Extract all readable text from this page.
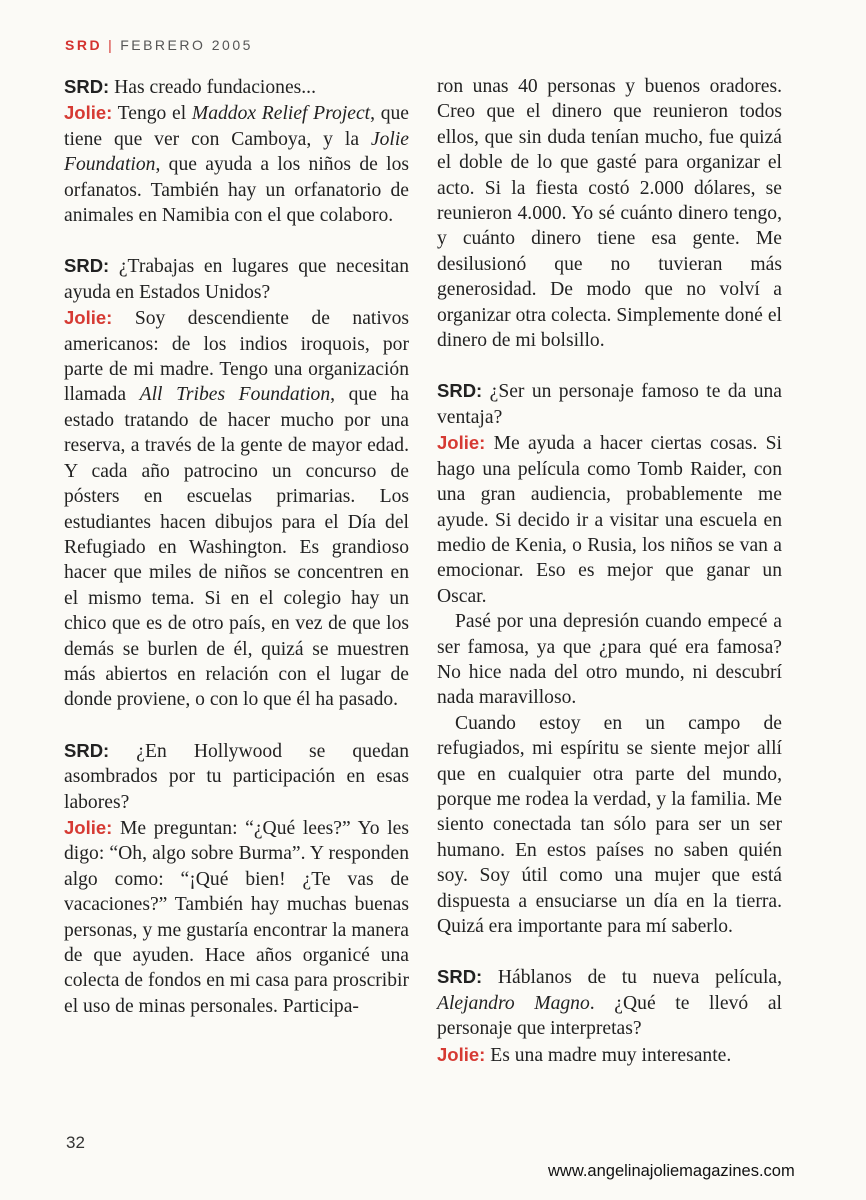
SRD | FEBRERO 2005

SRD: Has creado fundaciones...

Jolie: Tengo el Maddox Relief Project, que tiene que ver con Camboya, y la Jolie Foundation, que ayuda a los niños de los orfanatos. También hay un orfanatorio de animales en Namibia con el que colaboro.

SRD: ¿Trabajas en lugares que necesitan ayuda en Estados Unidos?

Jolie: Soy descendiente de nativos americanos: de los indios iroquois, por parte de mi madre. Tengo una organización llamada All Tribes Foundation, que ha estado tratando de hacer mucho por una reserva, a través de la gente de mayor edad. Y cada año patrocino un concurso de pósters en escuelas primarias. Los estudiantes hacen dibujos para el Día del Refugiado en Washington. Es grandioso hacer que miles de niños se concentren en el mismo tema. Si en el colegio hay un chico que es de otro país, en vez de que los demás se burlen de él, quizá se muestren más abiertos en relación con el lugar de donde proviene, o con lo que él ha pasado.

SRD: ¿En Hollywood se quedan asombrados por tu participación en esas labores?

Jolie: Me preguntan: “¿Qué lees?” Yo les digo: “Oh, algo sobre Burma”. Y responden algo como: “¡Qué bien! ¿Te vas de vacaciones?” También hay muchas buenas personas, y me gustaría encontrar la manera de que ayuden. Hace años organicé una colecta de fondos en mi casa para proscribir el uso de minas personales. Participa-

ron unas 40 personas y buenos oradores. Creo que el dinero que reunieron todos ellos, que sin duda tenían mucho, fue quizá el doble de lo que gasté para organizar el acto. Si la fiesta costó 2.000 dólares, se reunieron 4.000. Yo sé cuánto dinero tengo, y cuánto dinero tiene esa gente. Me desilusionó que no tuvieran más generosidad. De modo que no volví a organizar otra colecta. Simplemente doné el dinero de mi bolsillo.

SRD: ¿Ser un personaje famoso te da una ventaja?

Jolie: Me ayuda a hacer ciertas cosas. Si hago una película como Tomb Raider, con una gran audiencia, probablemente me ayude. Si decido ir a visitar una escuela en medio de Kenia, o Rusia, los niños se van a emocionar. Eso es mejor que ganar un Oscar.

Pasé por una depresión cuando empecé a ser famosa, ya que ¿para qué era famosa? No hice nada del otro mundo, ni descubrí nada maravilloso.

Cuando estoy en un campo de refugiados, mi espíritu se siente mejor allí que en cualquier otra parte del mundo, porque me rodea la verdad, y la familia. Me siento conectada tan sólo para ser un ser humano. En estos países no saben quién soy. Soy útil como una mujer que está dispuesta a ensuciarse un día en la tierra. Quizá era importante para mí saberlo.

SRD: Háblanos de tu nueva película, Alejandro Magno. ¿Qué te llevó al personaje que interpretas?

Jolie: Es una madre muy interesante.

32
www.angelinajoliemagazines.com
